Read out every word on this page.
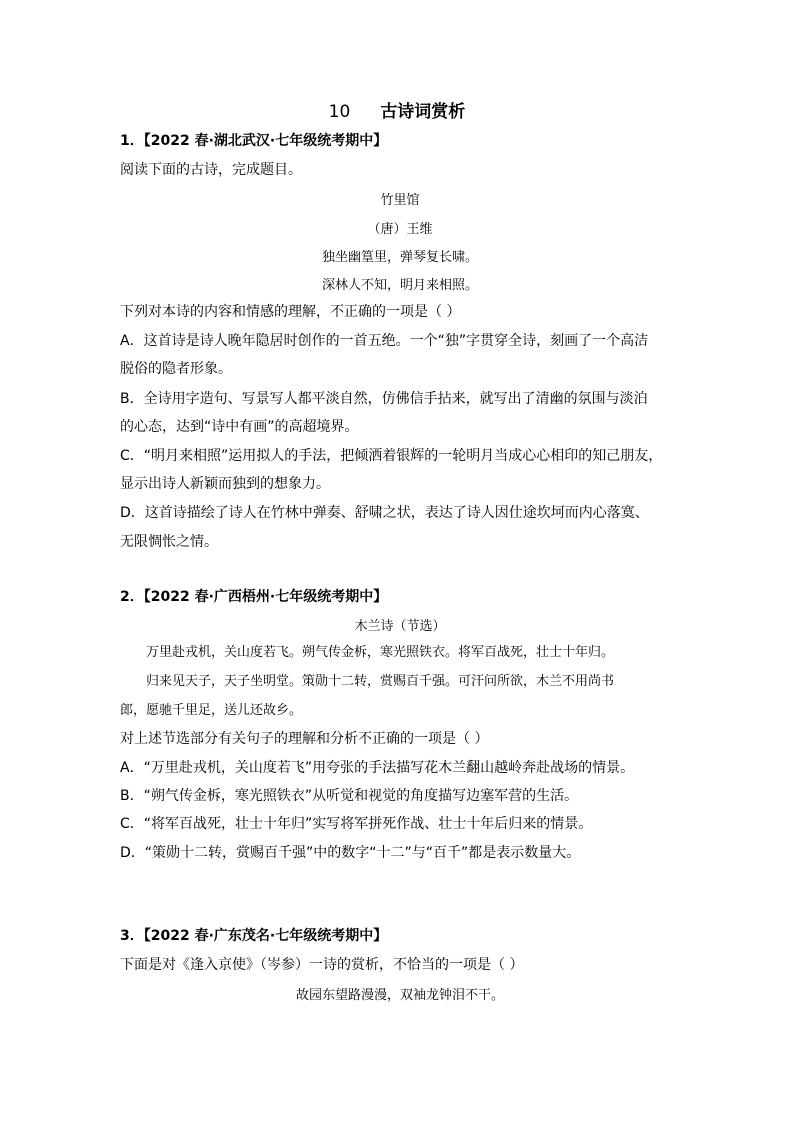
10 古诗词赏析
1．【2022 春·湖北武汉·七年级统考期中】
阅读下面的古诗，完成题目。
竹里馆
（唐）王维
独坐幽篁里，弹琴复长啸。
深林人不知，明月来相照。
下列对本诗的内容和情感的理解，不正确的一项是（ ）
A．这首诗是诗人晚年隐居时创作的一首五绝。一个“独”字贯穿全诗，刻画了一个高洁
脱俗的隐者形象。
B．全诗用字造句、写景写人都平淡自然，仿佛信手拈来，就写出了清幽的氛围与淡泊
的心态，达到“诗中有画”的高超境界。
C．“明月来相照”运用拟人的手法，把倾洒着银辉的一轮明月当成心心相印的知己朋友，
显示出诗人新颖而独到的想象力。
D．这首诗描绘了诗人在竹林中弹奏、舒啸之状，表达了诗人因仕途坎坷而内心落寞、
无限惆怅之情。
2．【2022 春·广西梧州·七年级统考期中】
木兰诗（节选）
万里赴戎机，关山度若飞。朔气传金柝，寒光照铁衣。将军百战死，壮士十年归。
归来见天子，天子坐明堂。策勋十二转，赏赐百千强。可汗问所欲，木兰不用尚书
郎，愿驰千里足，送儿还故乡。
对上述节选部分有关句子的理解和分析不正确的一项是（ ）
A．“万里赴戎机，关山度若飞”用夸张的手法描写花木兰翻山越岭奔赴战场的情景。
B．“朔气传金柝，寒光照铁衣”从听觉和视觉的角度描写边塞军营的生活。
C．“将军百战死，壮士十年归”实写将军拼死作战、壮士十年后归来的情景。
D．“策勋十二转，赏赐百千强”中的数字“十二”与“百千”都是表示数量大。
3．【2022 春·广东茂名·七年级统考期中】
下面是对《逢入京使》（岑参）一诗的赏析，不恰当的一项是（ ）
故园东望路漫漫，双袖龙钟泪不干。
